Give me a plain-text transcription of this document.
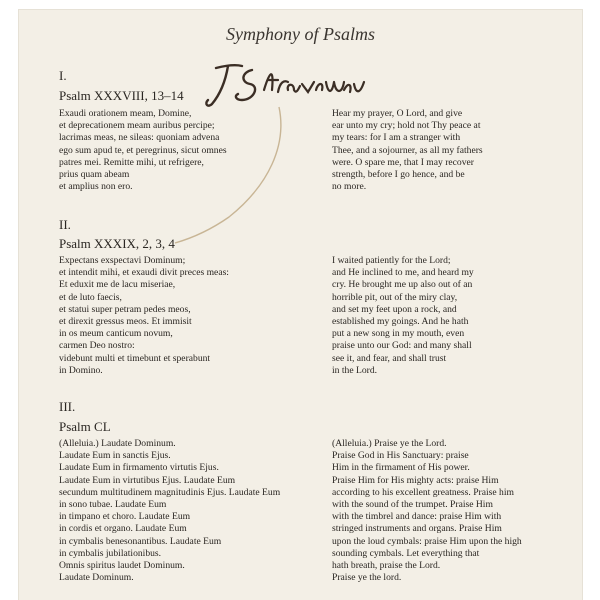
Symphony of Psalms
I.
Psalm XXXVIII, 13–14
Exaudi orationem meam, Domine,
et deprecationem meam auribus percipe;
lacrimas meas, ne sileas: quoniam advena
ego sum apud te, et peregrinus, sicut omnes
patres mei. Remitte mihi, ut refrigere,
prius quam abeam
et amplius non ero.
Hear my prayer, O Lord, and give
ear unto my cry; hold not Thy peace at
my tears: for I am a stranger with
Thee, and a sojourner, as all my fathers
were. O spare me, that I may recover
strength, before I go hence, and be
no more.
II.
Psalm XXXIX, 2, 3, 4
Expectans exspectavi Dominum;
et intendit mihi, et exaudi divit preces meas:
Et eduxit me de lacu miseriae,
et de luto faecis,
et statui super petram pedes meos,
et direxit gressus meos. Et immisit
in os meum canticum novum,
carmen Deo nostro:
videbunt multi et timebunt et sperabunt
in Domino.
I waited patiently for the Lord;
and He inclined to me, and heard my
cry. He brought me up also out of an
horrible pit, out of the miry clay,
and set my feet upon a rock, and
established my goings. And he hath
put a new song in my mouth, even
praise unto our God: and many shall
see it, and fear, and shall trust
in the Lord.
III.
Psalm CL
(Alleluia.) Laudate Dominum.
Laudate Eum in sanctis Ejus.
Laudate Eum in firmamento virtutis Ejus.
Laudate Eum in virtutibus Ejus. Laudate Eum
secundum multitudinem magnitudinis Ejus. Laudate Eum
in sono tubae. Laudate Eum
in timpano et choro. Laudate Eum
in cordis et organo. Laudate Eum
in cymbalis benesonantibus. Laudate Eum
in cymbalis jubilationibus.
Omnis spiritus laudet Dominum.
Laudate Dominum.
(Alleluia.) Praise ye the Lord.
Praise God in His Sanctuary: praise
Him in the firmament of His power.
Praise Him for His mighty acts: praise Him
according to his excellent greatness. Praise him
with the sound of the trumpet. Praise Him
with the timbrel and dance: praise Him with
stringed instruments and organs. Praise Him
upon the loud cymbals: praise Him upon the high
sounding cymbals. Let everything that
hath breath, praise the Lord.
Praise ye the lord.
